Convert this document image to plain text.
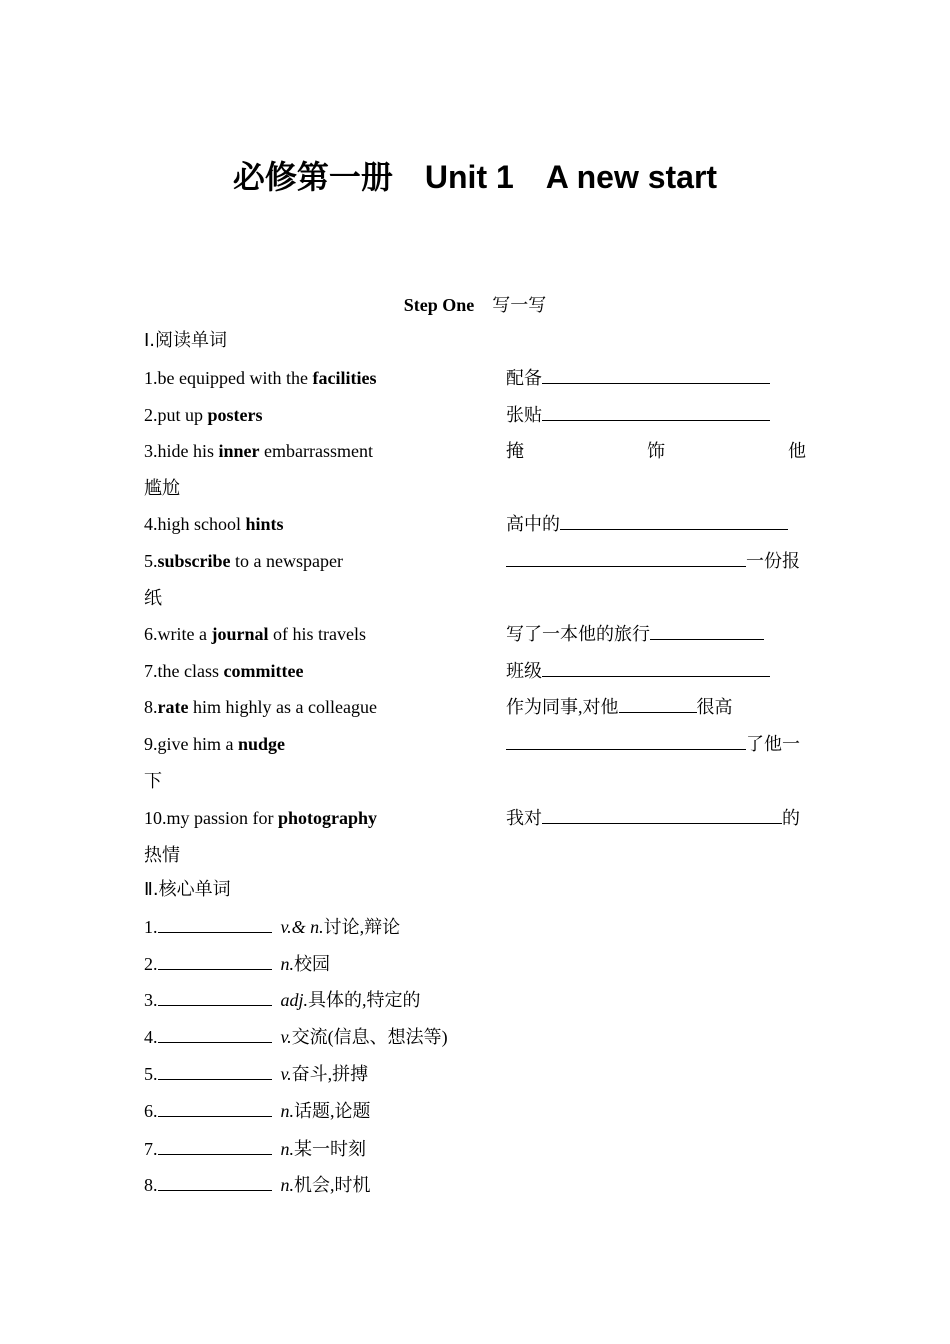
必修第一册　Unit 1　A new start
Step One　 写一写
Ⅰ.阅读单词
1.be equipped with the facilities	配备
2.put up posters	张贴
3.hide his inner embarrassment	掩	饰	他
尴尬
4.high school hints	高中的
5.subscribe to a newspaper	一份报
纸
6.write a journal of his travels	写了一本他的旅行
7.the class committee	班级
8.rate him highly as a colleague	作为同事,对他	很高
9.give him a nudge	了他一
下
10.my passion for photography	我对	的
热情
Ⅱ.核心单词
1.	v.& n.讨论,辩论
2.	n.校园
3.	adj.具体的,特定的
4.	v.交流(信息、想法等)
5.	v.奋斗,拼搏
6.	n.话题,论题
7.	n.某一时刻
8.	n.机会,时机
